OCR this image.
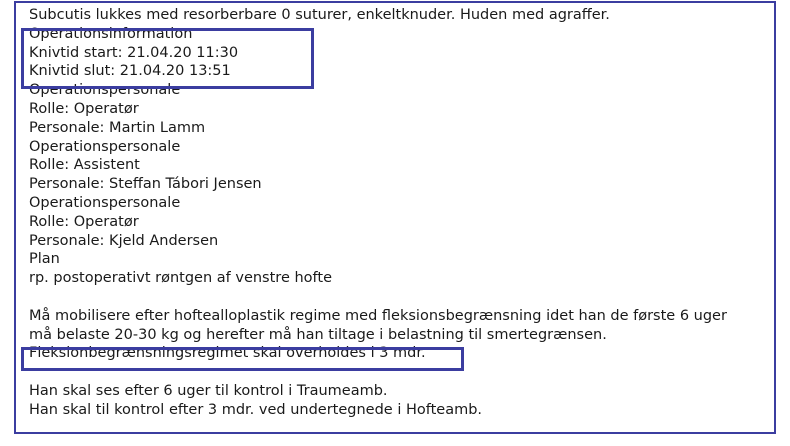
Subcutis lukkes med resorberbare 0 suturer, enkeltknuder. Huden med agraffer.
Operationsinformation
Knivtid start: 21.04.20 11:30
Knivtid slut: 21.04.20 13:51
Operationspersonale
Rolle: Operatør
Personale: Martin Lamm
Operationspersonale
Rolle: Assistent
Personale: Steffan Tábori Jensen
Operationspersonale
Rolle: Operatør
Personale: Kjeld Andersen
Plan
rp. postoperativt røntgen af venstre hofte
Må mobilisere efter hoftealloplastik regime med fleksionsbegrænsning idet han de første 6 uger
må belaste 20-30 kg og herefter må han tiltage i belastning til smertegrænsen.
Fleksionbegrænsningsregimet skal overholdes i 3 mdr.
Han skal ses efter 6 uger til kontrol i Traumeamb.
Han skal til kontrol efter 3 mdr. ved undertegnede i Hofteamb.
